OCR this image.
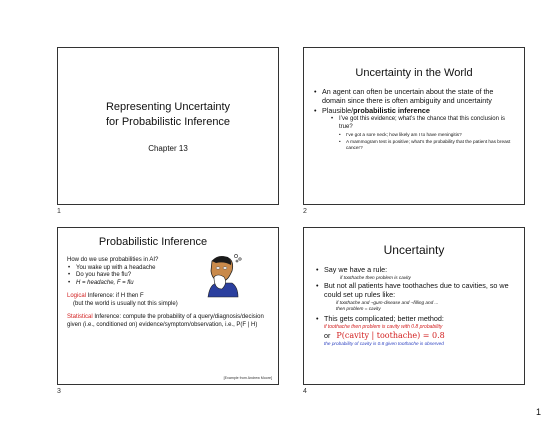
Representing Uncertainty
for Probabilistic Inference
Chapter 13
1
Uncertainty in the World
• An agent can often be uncertain about the state of the domain since there is often ambiguity and uncertainty
• Plausible/probabilistic inference
• I’ve got this evidence; what’s the chance that this conclusion is true?
• I’ve got a sore neck; how likely am I to have meningitis?
• A mammogram test is positive; what’s the probability that the patient has breast cancer?
2
Probabilistic Inference
How do we use probabilities in AI?
• You wake up with a headache
• Do you have the flu?
• H = headache, F = flu
Logical Inference: if H then F
(but the world is usually not this simple)
Statistical Inference: compute the probability of a query/diagnosis/decision given (i.e., conditioned on) evidence/symptom/observation, i.e., P(F | H)
[Example from Andrew Moore]
3
Uncertainty
• Say we have a rule:
if toothache then problem is cavity
• But not all patients have toothaches due to cavities, so we could set up rules like:
if toothache and ¬gum-disease and ¬filling and ...
then problem = cavity
• This gets complicated; better method:
if toothache then problem is cavity with 0.8 probability
or P(cavity | toothache) = 0.8
the probability of cavity is 0.8 given toothache is observed
4
1
